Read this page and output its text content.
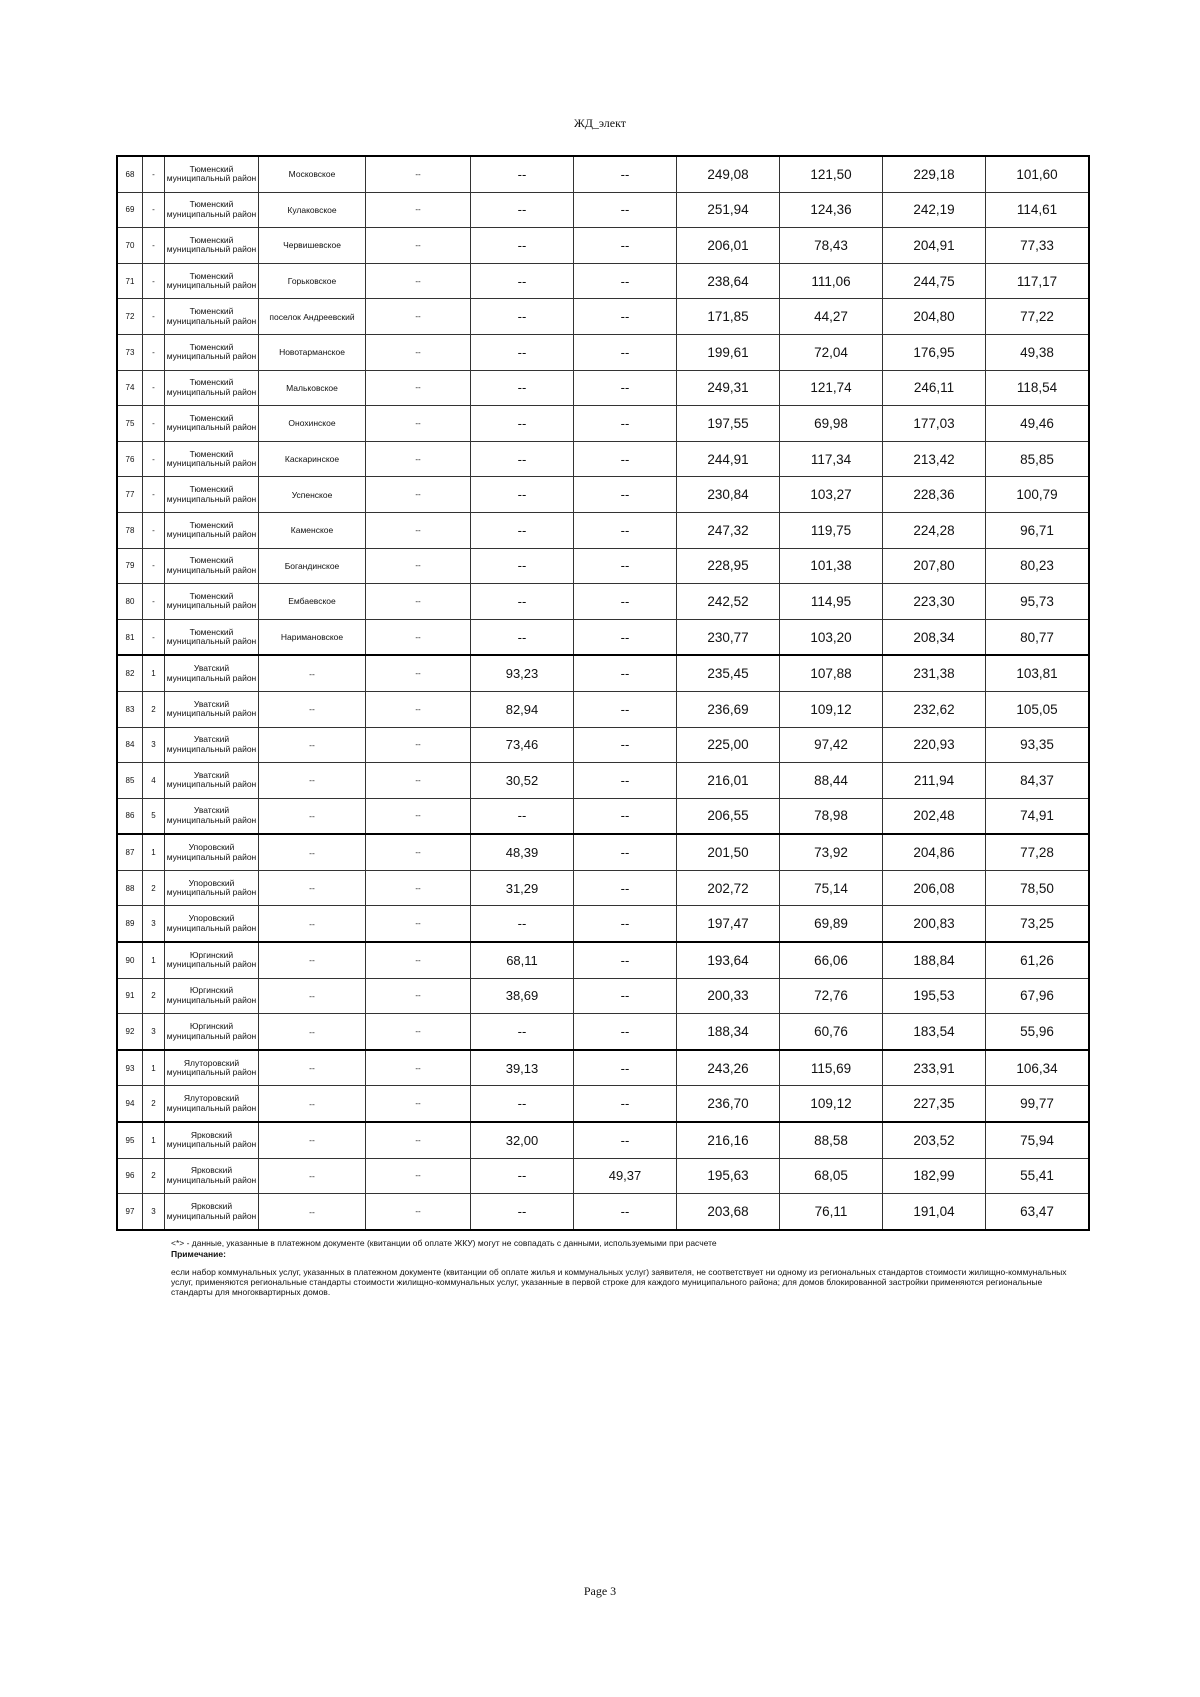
ЖД_элект
68	-	Тюменский муниципальный район	Московское	--	--	--	249,08	121,50	229,18	101,60
69	-	Тюменский муниципальный район	Кулаковское	--	--	--	251,94	124,36	242,19	114,61
70	-	Тюменский муниципальный район	Червишевское	--	--	--	206,01	78,43	204,91	77,33
71	-	Тюменский муниципальный район	Горьковское	--	--	--	238,64	111,06	244,75	117,17
72	-	Тюменский муниципальный район	поселок Андреевский	--	--	--	171,85	44,27	204,80	77,22
73	-	Тюменский муниципальный район	Новотарманское	--	--	--	199,61	72,04	176,95	49,38
74	-	Тюменский муниципальный район	Мальковское	--	--	--	249,31	121,74	246,11	118,54
75	-	Тюменский муниципальный район	Онохинское	--	--	--	197,55	69,98	177,03	49,46
76	-	Тюменский муниципальный район	Каскаринское	--	--	--	244,91	117,34	213,42	85,85
77	-	Тюменский муниципальный район	Успенское	--	--	--	230,84	103,27	228,36	100,79
78	-	Тюменский муниципальный район	Каменское	--	--	--	247,32	119,75	224,28	96,71
79	-	Тюменский муниципальный район	Богандинское	--	--	--	228,95	101,38	207,80	80,23
80	-	Тюменский муниципальный район	Ембаевское	--	--	--	242,52	114,95	223,30	95,73
81	-	Тюменский муниципальный район	Наримановское	--	--	--	230,77	103,20	208,34	80,77
82	1	Уватский муниципальный район	--	--	93,23	--	235,45	107,88	231,38	103,81
83	2	Уватский муниципальный район	--	--	82,94	--	236,69	109,12	232,62	105,05
84	3	Уватский муниципальный район	--	--	73,46	--	225,00	97,42	220,93	93,35
85	4	Уватский муниципальный район	--	--	30,52	--	216,01	88,44	211,94	84,37
86	5	Уватский муниципальный район	--	--	--	--	206,55	78,98	202,48	74,91
87	1	Упоровский муниципальный район	--	--	48,39	--	201,50	73,92	204,86	77,28
88	2	Упоровский муниципальный район	--	--	31,29	--	202,72	75,14	206,08	78,50
89	3	Упоровский муниципальный район	--	--	--	--	197,47	69,89	200,83	73,25
90	1	Юргинский муниципальный район	--	--	68,11	--	193,64	66,06	188,84	61,26
91	2	Юргинский муниципальный район	--	--	38,69	--	200,33	72,76	195,53	67,96
92	3	Юргинский муниципальный район	--	--	--	--	188,34	60,76	183,54	55,96
93	1	Ялуторовский муниципальный район	--	--	39,13	--	243,26	115,69	233,91	106,34
94	2	Ялуторовский муниципальный район	--	--	--	--	236,70	109,12	227,35	99,77
95	1	Ярковский муниципальный район	--	--	32,00	--	216,16	88,58	203,52	75,94
96	2	Ярковский муниципальный район	--	--	--	49,37	195,63	68,05	182,99	55,41
97	3	Ярковский муниципальный район	--	--	--	--	203,68	76,11	191,04	63,47
<*> - данные, указанные в платежном документе (квитанции об оплате ЖКУ) могут не совпадать с данными, используемыми при расчете
Примечание:
если набор коммунальных услуг, указанных в платежном документе (квитанции об оплате жилья и коммунальных услуг) заявителя, не соответствует ни одному из региональных стандартов стоимости жилищно-коммунальных услуг, применяются региональные стандарты стоимости жилищно-коммунальных услуг, указанные в первой строке для каждого муниципального района; для домов блокированной застройки применяются региональные стандарты для многоквартирных домов.
Page 3
